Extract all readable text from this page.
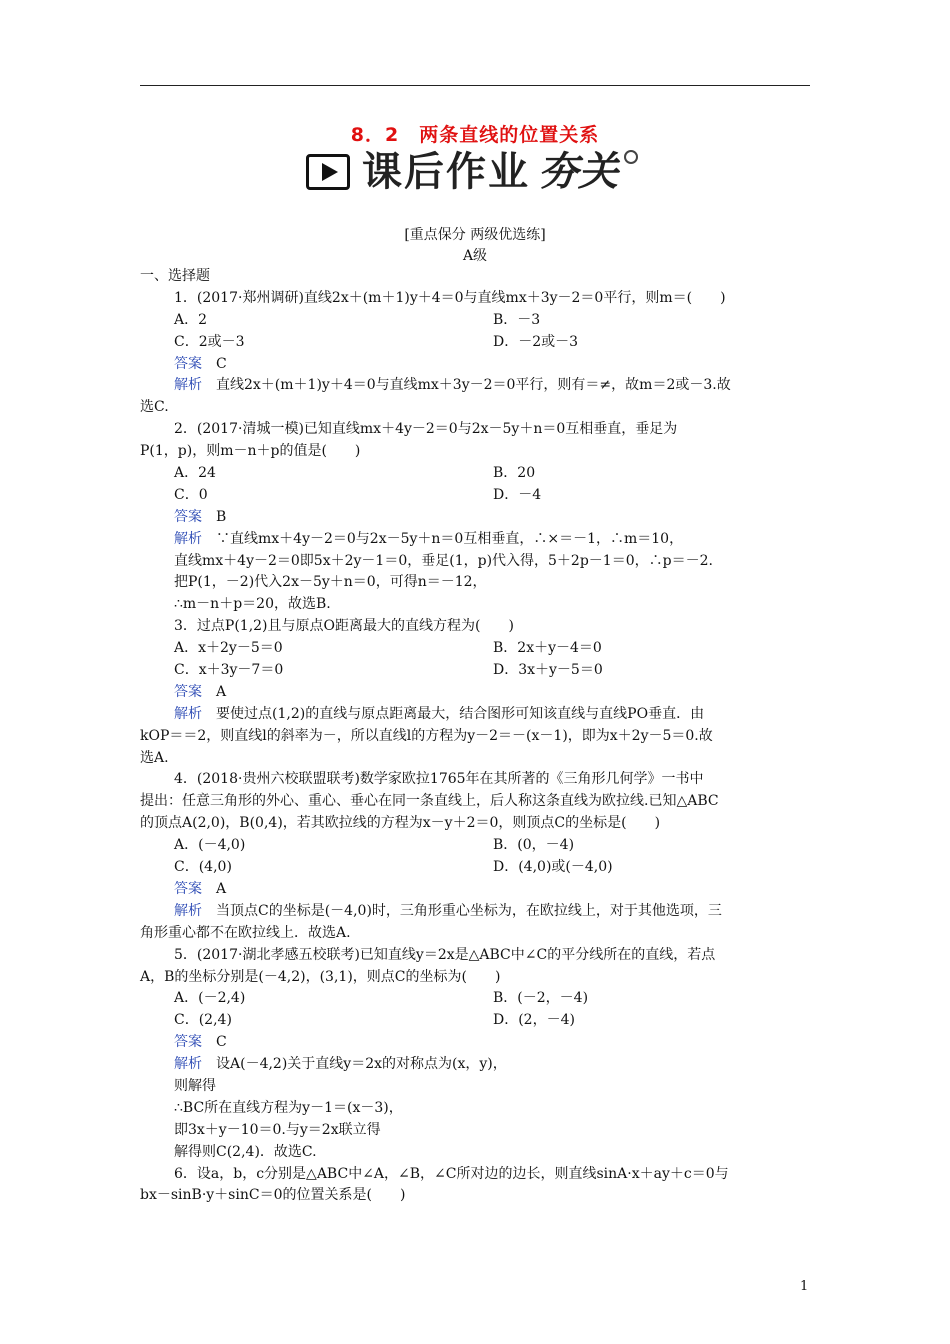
8．2　两条直线的位置关系
课后作业 夯关
[重点保分 两级优选练]
A级
一、选择题
1．(2017·郑州调研)直线2x＋(m＋1)y＋4＝0与直线mx＋3y－2＝0平行，则m＝(　　)
A．2	B．－3
C．2或－3	D．－2或－3
答案　 C
解析　 直线2x＋(m＋1)y＋4＝0与直线mx＋3y－2＝0平行，则有＝≠，故m＝2或－3.故
选C.
2．(2017·清城一模)已知直线mx＋4y－2＝0与2x－5y＋n＝0互相垂直，垂足为
P(1，p)，则m－n＋p的值是(　　)
A．24	B．20
C．0	D．－4
答案　 B
解析　 ∵直线mx＋4y－2＝0与2x－5y＋n＝0互相垂直，∴×＝－1，∴m＝10，
直线mx＋4y－2＝0即5x＋2y－1＝0，垂足(1，p)代入得，5＋2p－1＝0，∴p＝－2.
把P(1，－2)代入2x－5y＋n＝0，可得n＝－12，
∴m－n＋p＝20，故选B.
3．过点P(1,2)且与原点O距离最大的直线方程为(　　)
A．x＋2y－5＝0	B．2x＋y－4＝0
C．x＋3y－7＝0	D．3x＋y－5＝0
答案　 A
解析　 要使过点(1,2)的直线与原点距离最大，结合图形可知该直线与直线PO垂直．由
kOP＝＝2，则直线l的斜率为－，所以直线l的方程为y－2＝－(x－1)，即为x＋2y－5＝0.故
选A.
4．(2018·贵州六校联盟联考)数学家欧拉1765年在其所著的《三角形几何学》一书中
提出：任意三角形的外心、重心、垂心在同一条直线上，后人称这条直线为欧拉线.已知△ABC
的顶点A(2,0)，B(0,4)，若其欧拉线的方程为x－y＋2＝0，则顶点C的坐标是(　　)
A．(－4,0)	B．(0，－4)
C．(4,0)	D．(4,0)或(－4,0)
答案　 A
解析　 当顶点C的坐标是(－4,0)时，三角形重心坐标为，在欧拉线上，对于其他选项，三
角形重心都不在欧拉线上．故选A.
5．(2017·湖北孝感五校联考)已知直线y＝2x是△ABC中∠C的平分线所在的直线，若点
A，B的坐标分别是(－4,2)，(3,1)，则点C的坐标为(　　)
A．(－2,4)	B．(－2，－4)
C．(2,4)	D．(2，－4)
答案　 C
解析　 设A(－4,2)关于直线y＝2x的对称点为(x，y)，
则解得
∴BC所在直线方程为y－1＝(x－3)，
即3x＋y－10＝0.与y＝2x联立得
解得则C(2,4)．故选C.
6．设a，b，c分别是△ABC中∠A，∠B，∠C所对边的边长，则直线sinA·x＋ay＋c＝0与
bx－sinB·y＋sinC＝0的位置关系是(　　)
1
